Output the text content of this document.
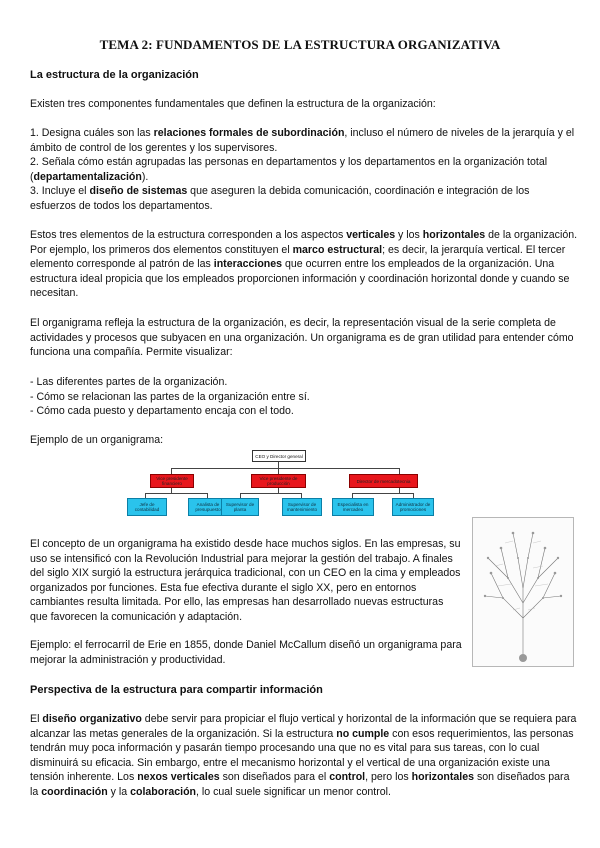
TEMA 2: FUNDAMENTOS DE LA ESTRUCTURA ORGANIZATIVA
La estructura de la organización

Existen tres componentes fundamentales que definen la estructura de la organización:

1. Designa cuáles son las relaciones formales de subordinación, incluso el número de niveles de la jerarquía y el ámbito de control de los gerentes y los supervisores.
2. Señala cómo están agrupadas las personas en departamentos y los departamentos en la organización total (departamentalización).
3. Incluye el diseño de sistemas que aseguren la debida comunicación, coordinación e integración de los esfuerzos de todos los departamentos.

Estos tres elementos de la estructura corresponden a los aspectos verticales y los horizontales de la organización. Por ejemplo, los primeros dos elementos constituyen el marco estructural; es decir, la jerarquía vertical. El tercer elemento corresponde al patrón de las interacciones que ocurren entre los empleados de la organización. Una estructura ideal propicia que los empleados proporcionen información y coordinación horizontal donde y cuando se necesitan.

El organigrama refleja la estructura de la organización, es decir, la representación visual de la serie completa de actividades y procesos que subyacen en una organización. Un organigrama es de gran utilidad para entender cómo funciona una compañía. Permite visualizar:

- Las diferentes partes de la organización.
- Cómo se relacionan las partes de la organización entre sí.
- Cómo cada puesto y departamento encaja con el todo.

Ejemplo de un organigrama:

CEO y Director general
Vice presidente financiero
Vice presidente de producción	Director de mercadotecnia
Jefe de contabilidad
Analista de presupuesto
Supervisor de planta
Supervisor de mantenimiento
Especialista en mercadeo
Administrador de promociones

El concepto de un organigrama ha existido desde hace muchos siglos. En las empresas, su uso se intensificó con la Revolución Industrial para mejorar la gestión del trabajo. A finales del siglo XIX surgió la estructura jerárquica tradicional, con un CEO en la cima y empleados organizados por funciones. Esta fue efectiva durante el siglo XX, pero en entornos cambiantes resulta limitada. Por ello, las empresas han desarrollado nuevas estructuras que favorecen la comunicación y adaptación.

Ejemplo: el ferrocarril de Erie en 1855, donde Daniel McCallum diseñó un organigrama para mejorar la administración y productividad.

Perspectiva de la estructura para compartir información

El diseño organizativo debe servir para propiciar el flujo vertical y horizontal de la información que se requiera para alcanzar las metas generales de la organización. Si la estructura no cumple con esos requerimientos, las personas tendrán muy poca información y pasarán tiempo procesando una que no es vital para sus tareas, con lo cual disminuirá su eficacia. Sin embargo, entre el mecanismo horizontal y el vertical de una organización existe una tensión inherente. Los nexos verticales son diseñados para el control, pero los horizontales son diseñados para la coordinación y la colaboración, lo cual suele significar un menor control.
